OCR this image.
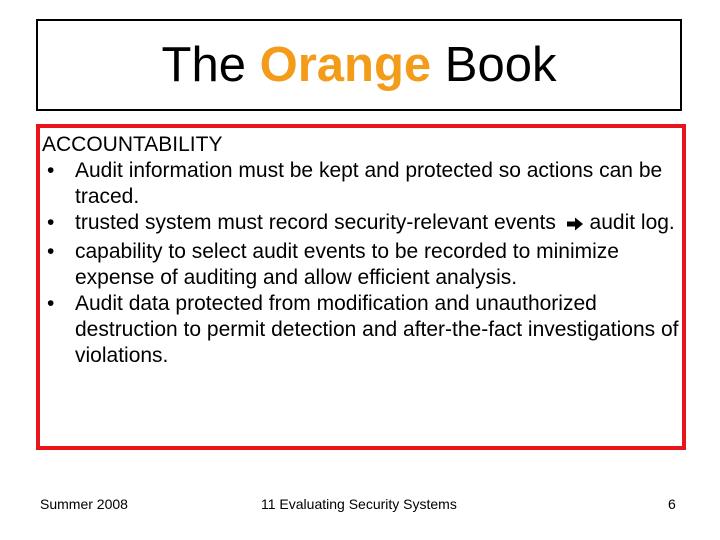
The Orange Book

ACCOUNTABILITY

• Audit information must be kept and protected so actions can be traced.
• trusted system must record security-relevant events audit log.
• capability to select audit events to be recorded to minimize expense of auditing and allow efficient analysis.
• Audit data protected from modification and unauthorized destruction to permit detection and after-the-fact investigations of violations.
Summer 2008	11 Evaluating Security Systems	6
